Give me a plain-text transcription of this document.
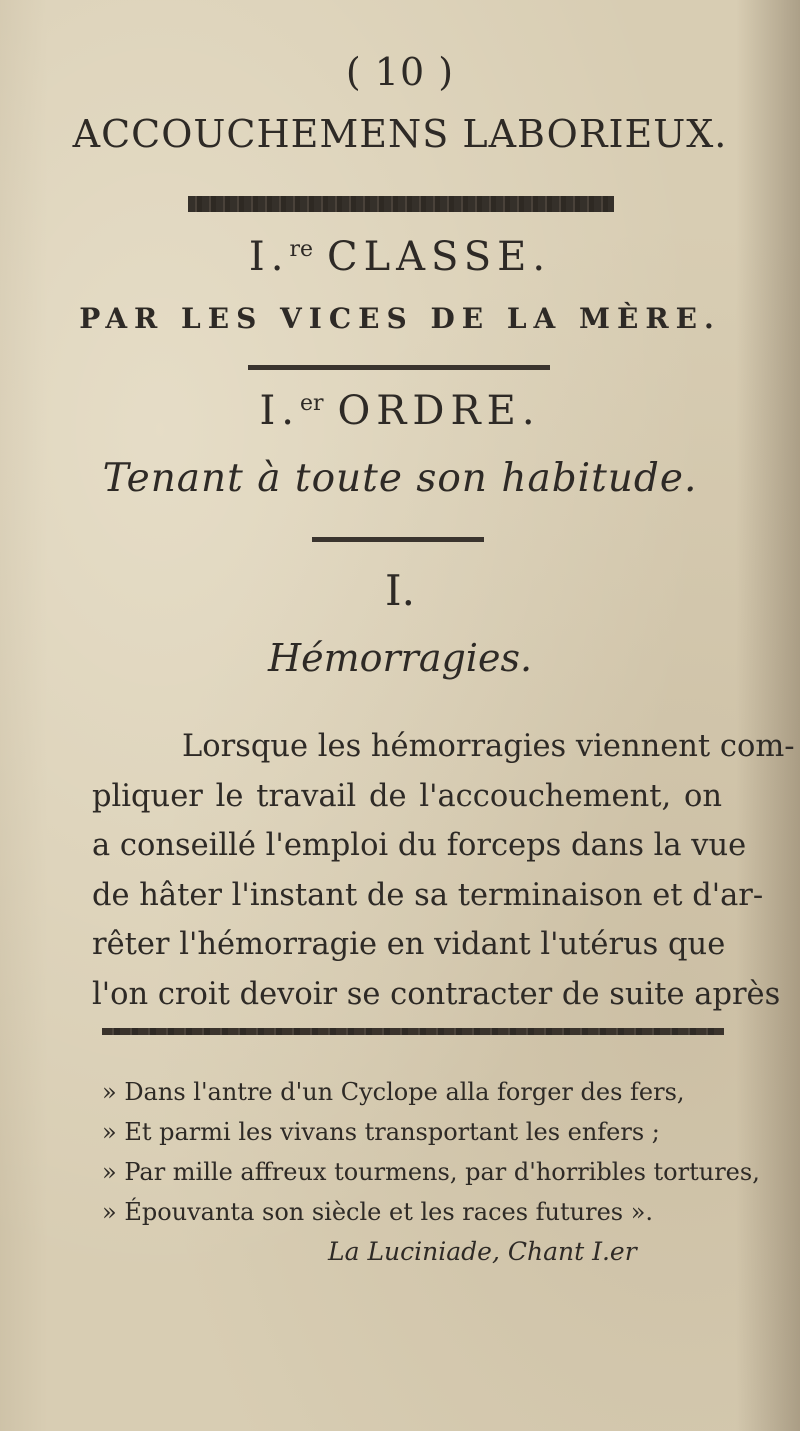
( 10 )
ACCOUCHEMENS LABORIEUX.
I.$^{re}$ CLASSE.
PAR LES VICES DE LA MÈRE.
I.$^{er}$ ORDRE.
Tenant à toute son habitude.
I.
Hémorragies.
Lorsque les hémorragies viennent com-
pliquer le travail de l'accouchement, on
a conseillé l'emploi du forceps dans la vue
de hâter l'instant de sa terminaison et d'ar-
rêter l'hémorragie en vidant l'utérus que
l'on croit devoir se contracter de suite après
» Dans l'antre d'un Cyclope alla forger des fers,
» Et parmi les vivans transportant les enfers ;
» Par mille affreux tourmens, par d'horribles tortures,
» Épouvanta son siècle et les races futures ».
La Luciniade, Chant I.er
